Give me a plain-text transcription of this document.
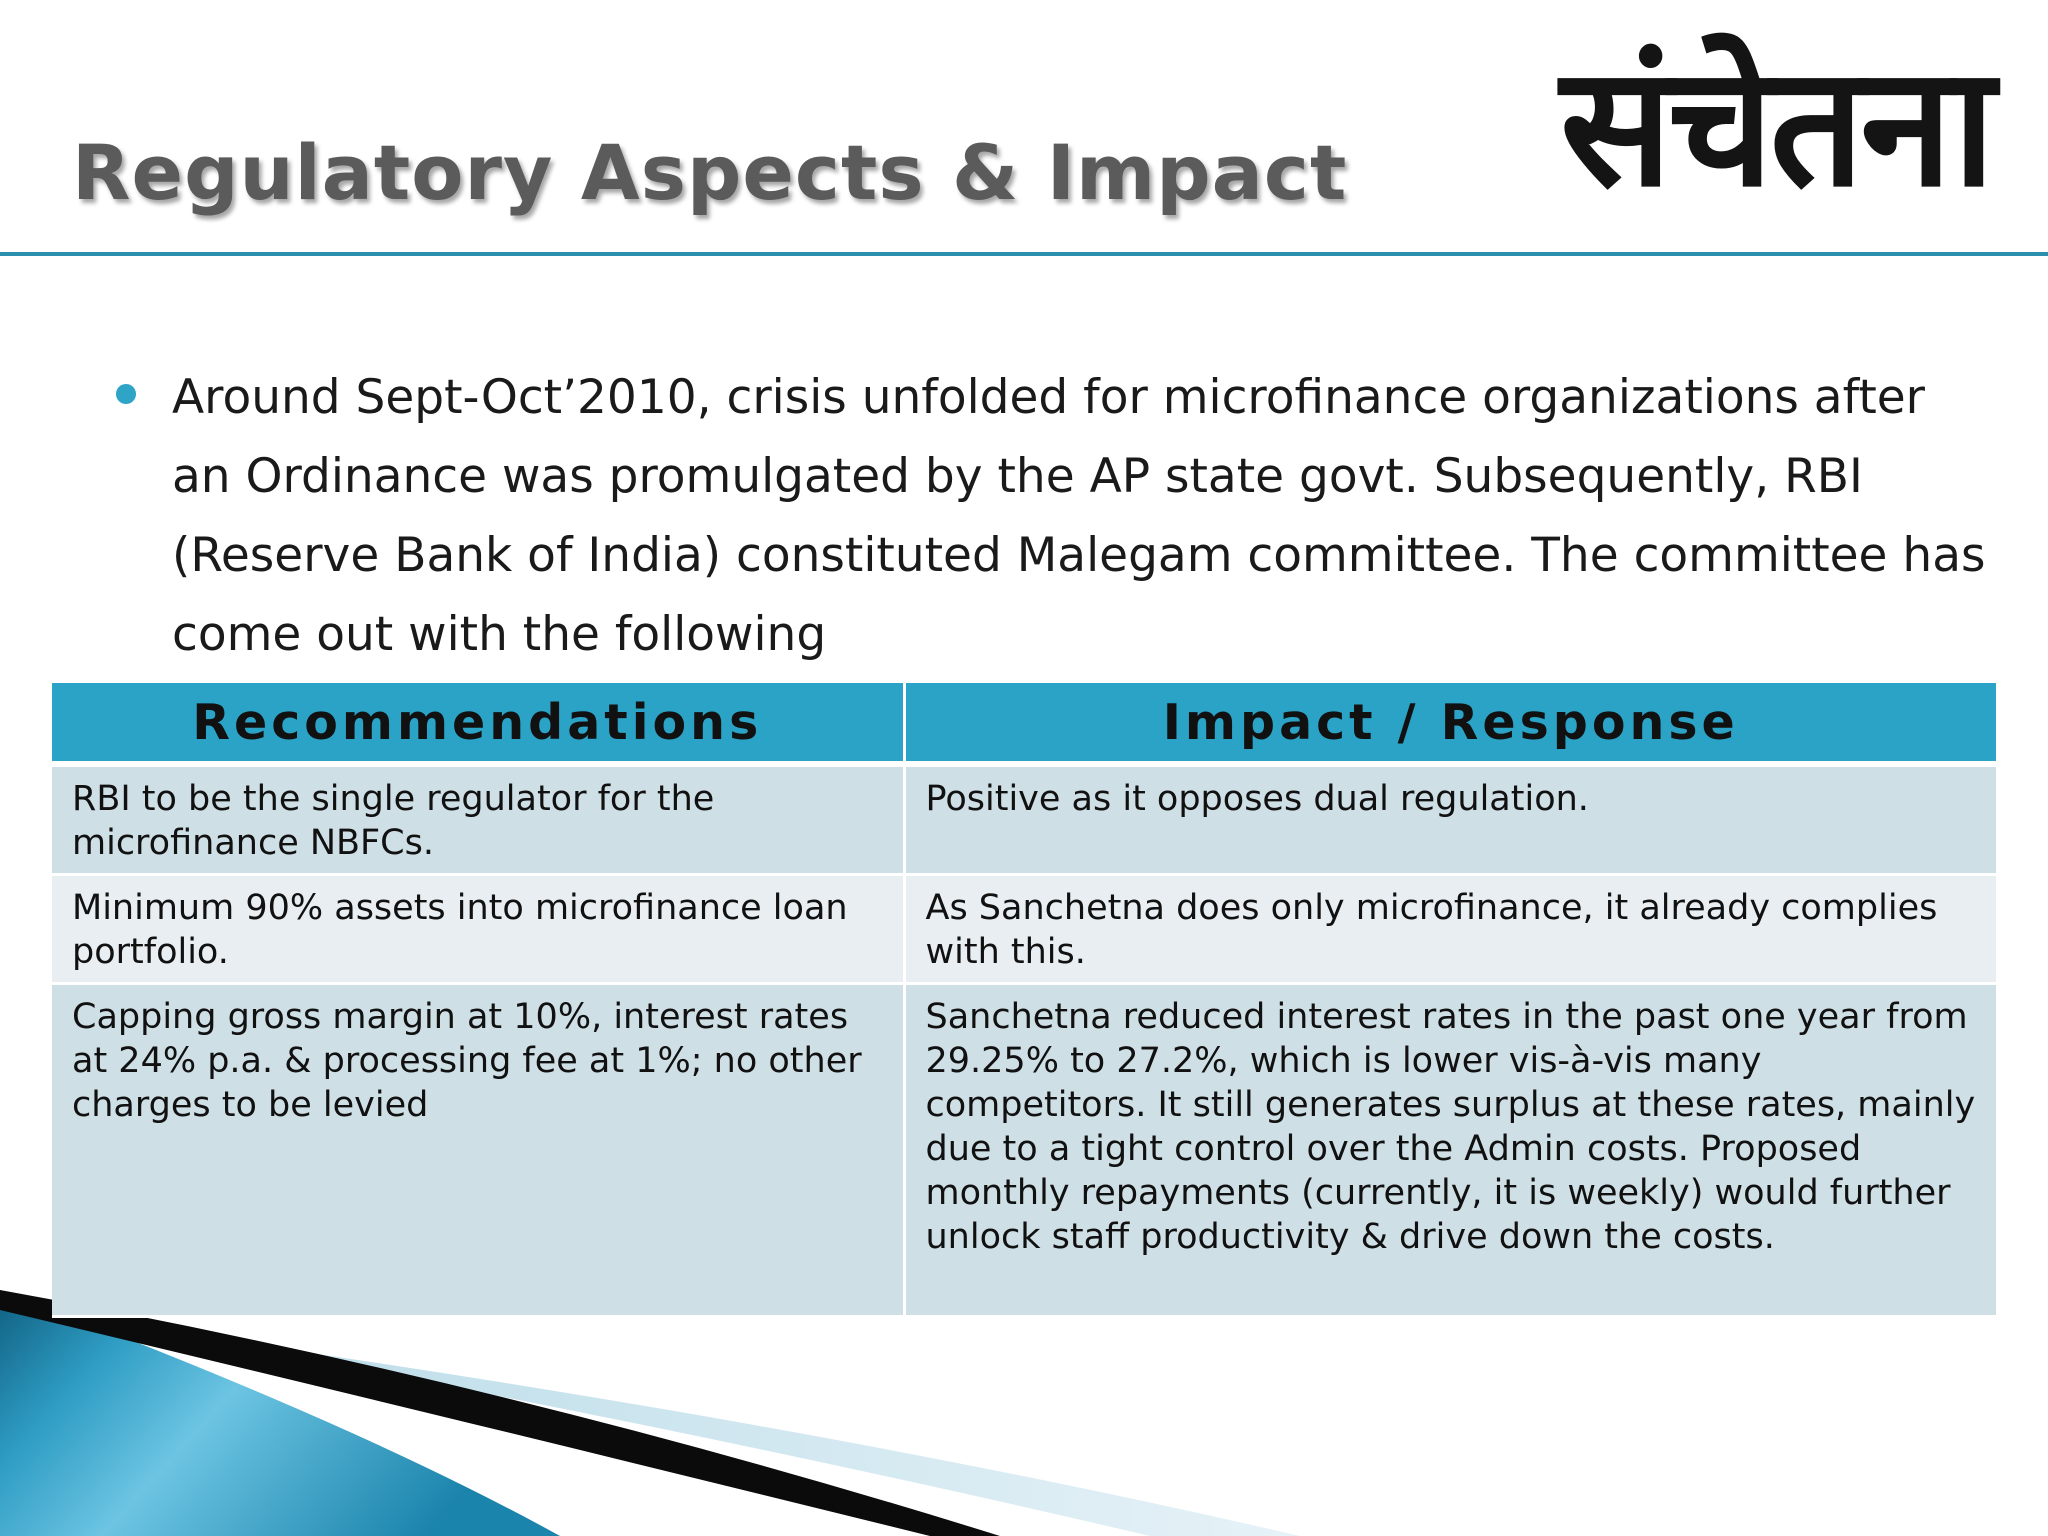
Regulatory Aspects & Impact संचेतना
Around Sept-Oct’2010, crisis unfolded for microfinance organizations after an Ordinance was promulgated by the AP state govt. Subsequently, RBI (Reserve Bank of India) constituted Malegam committee. The committee has come out with the following
Recommendations	Impact / Response
RBI to be the single regulator for the microfinance NBFCs.	Positive as it opposes dual regulation.
Minimum 90% assets into microfinance loan portfolio.	As Sanchetna does only microfinance, it already complies with this.
Capping gross margin at 10%, interest rates at 24% p.a. & processing fee at 1%; no other charges to be levied	Sanchetna reduced interest rates in the past one year from 29.25% to 27.2%, which is lower vis-à-vis many competitors. It still generates surplus at these rates, mainly due to a tight control over the Admin costs. Proposed monthly repayments (currently, it is weekly) would further unlock staff productivity & drive down the costs.
